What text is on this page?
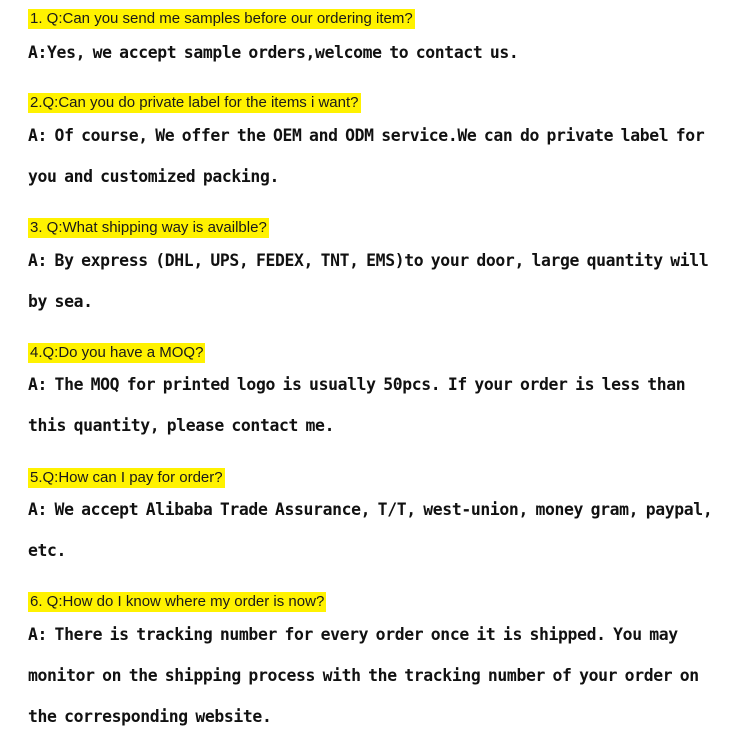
1. Q:Can you send me samples before our ordering item?
A:Yes, we accept sample orders,welcome to contact us.
2.Q:Can you do private label for the items i want?
A: Of course, We offer the OEM and ODM service.We can do private label for you and customized packing.
3. Q:What shipping way is availble?
A: By express (DHL, UPS, FEDEX, TNT, EMS)to your door, large quantity will by sea.
4.Q:Do you have a MOQ?
A: The MOQ for printed logo is usually 50pcs. If your order is less than this quantity, please contact me.
5.Q:How can I pay for order?
A: We accept Alibaba Trade Assurance, T/T, west-union, money gram, paypal, etc.
6. Q:How do I know where my order is now?
A: There is tracking number for every order once it is shipped. You may monitor on the shipping process with the tracking number of your order on the corresponding website.
